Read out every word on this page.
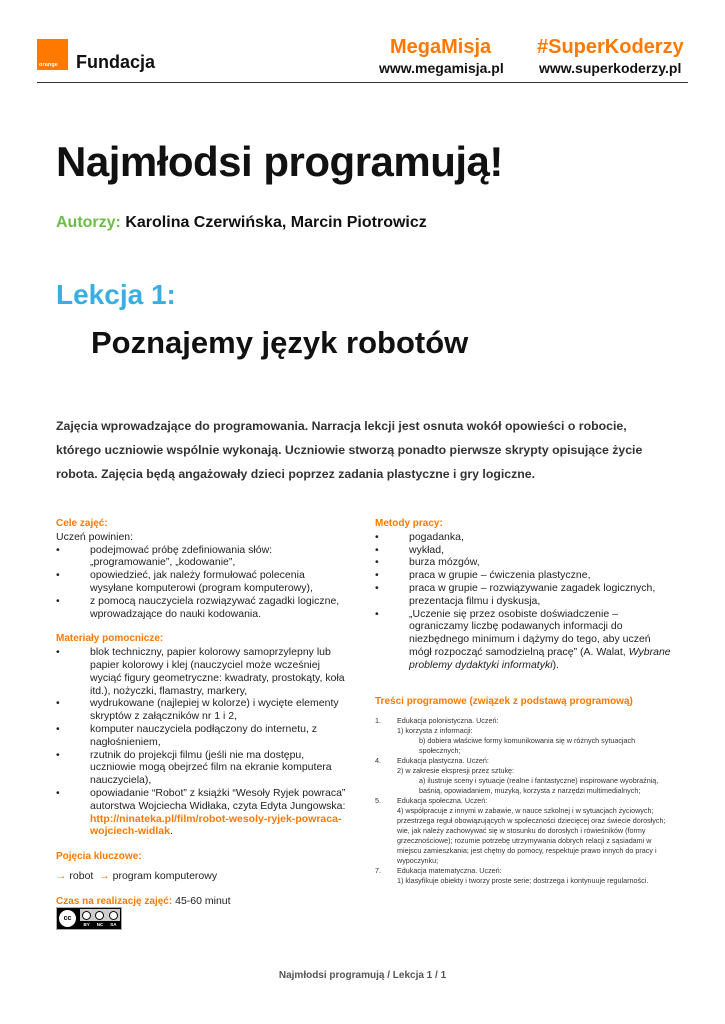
orange Fundacja
MegaMisja #SuperKoderzy
www.megamisja.pl	www.superkoderzy.pl
Najmłodsi programują!
Autorzy: Karolina Czerwińska, Marcin Piotrowicz
Lekcja 1:
Poznajemy język robotów

Zajęcia wprowadzające do programowania. Narracja lekcji jest osnuta wokół opowieści o robocie, którego uczniowie wspólnie wykonają. Uczniowie stworzą ponadto pierwsze skrypty opisujące życie robota. Zajęcia będą angażowały dzieci poprzez zadania plastyczne i gry logiczne.

Cele zajęć:
Uczeń powinien:
• podejmować próbę zdefiniowania słów: „programowanie”, „kodowanie”,
• opowiedzieć, jak należy formułować polecenia wysyłane komputerowi (program komputerowy),
• z pomocą nauczyciela rozwiązywać zagadki logiczne, wprowadzające do nauki kodowania.
Materiały pomocnicze:
• blok techniczny, papier kolorowy samoprzylepny lub papier kolorowy i klej (nauczyciel może wcześniej wyciąć figury geometryczne: kwadraty, prostokąty, koła itd.), nożyczki, flamastry, markery,
• wydrukowane (najlepiej w kolorze) i wycięte elementy skryptów z załączników nr 1 i 2,
• komputer nauczyciela podłączony do internetu, z nagłośnieniem,
• rzutnik do projekcji filmu (jeśli nie ma dostępu, uczniowie mogą obejrzeć film na ekranie komputera nauczyciela),
• opowiadanie “Robot” z książki “Wesoły Ryjek powraca” autorstwa Wojciecha Widłaka, czyta Edyta Jungowska: http://ninateka.pl/film/robot-wesoly-ryjek-powraca-wojciech-widlak.
Pojęcia kluczowe:
→ robot → program komputerowy
Czas na realizację zajęć: 45-60 minut
cc
BY NC SA
Metody pracy:
• pogadanka,
• wykład,
• burza mózgów,
• praca w grupie – ćwiczenia plastyczne,
• praca w grupie – rozwiązywanie zagadek logicznych, prezentacja filmu i dyskusja,
• „Uczenie się przez osobiste doświadczenie – ograniczamy liczbę podawanych informacji do niezbędnego minimum i dążymy do tego, aby uczeń mógł rozpocząć samodzielną pracę” (A. Walat, Wybrane problemy dydaktyki informatyki).
Treści programowe (związek z podstawą programową)
1. Edukacja polonistyczna. Uczeń:
1) korzysta z informacji:
b) dobiera właściwe formy komunikowania się w różnych sytuacjach społecznych;
4. Edukacja plastyczna. Uczeń:
2) w zakresie ekspresji przez sztukę:
a) ilustruje sceny i sytuacje (realne i fantastyczne) inspirowane wyobraźnią, baśnią, opowiadaniem, muzyką, korzysta z narzędzi multimedialnych;
5. Edukacja społeczna. Uczeń:
4) współpracuje z innymi w zabawie, w nauce szkolnej i w sytuacjach życiowych; przestrzega reguł obowiązujących w społeczności dziecięcej oraz świecie dorosłych; wie, jak należy zachowywać się w stosunku do dorosłych i rówieśników (formy grzecznościowe); rozumie potrzebę utrzymywania dobrych relacji z sąsiadami w miejscu zamieszkania; jest chętny do pomocy, respektuje prawo innych do pracy i wypoczynku;
7. Edukacja matematyczna. Uczeń:
1) klasyfikuje obiekty i tworzy proste serie; dostrzega i kontynuuje regularności.
Najmłodsi programują / Lekcja 1 / 1
